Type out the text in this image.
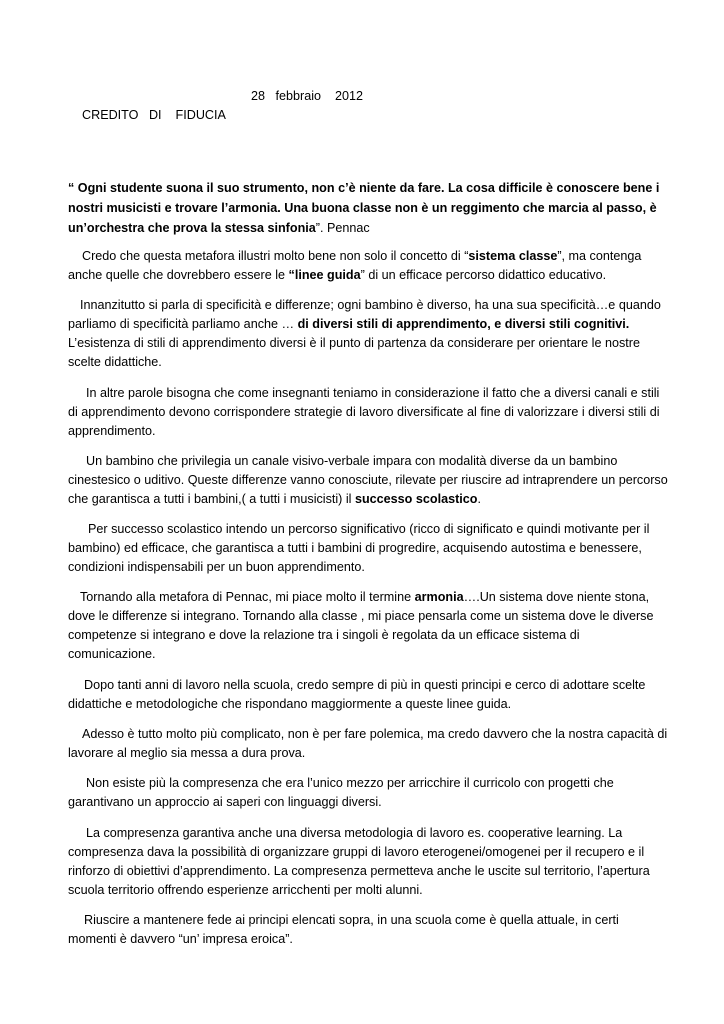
CREDITO   DI    FIDUCIA

28   febbraio    2012

“ Ogni studente suona il suo strumento, non c’è niente da fare. La cosa difficile è conoscere bene i nostri musicisti e trovare l’armonia. Una buona classe non è un reggimento che marcia al passo, è un’orchestra che prova la stessa sinfonia”. Pennac

Credo che questa metafora illustri molto bene non solo il concetto di “sistema classe”, ma contenga anche quelle che dovrebbero essere le “linee guida” di un efficace percorso didattico educativo.

Innanzitutto si parla di specificità e differenze; ogni bambino è diverso, ha una sua specificità…e quando parliamo di specificità parliamo anche … di diversi stili di apprendimento, e diversi stili cognitivi. L’esistenza di stili di apprendimento diversi è il punto di partenza da considerare per orientare le nostre scelte didattiche.

In altre parole bisogna che come insegnanti teniamo in considerazione il fatto che a diversi canali e stili di apprendimento devono corrispondere strategie di lavoro diversificate al fine di valorizzare i diversi stili di apprendimento.

Un bambino che privilegia un canale visivo-verbale impara con modalità diverse da un bambino cinestesico o uditivo. Queste differenze vanno conosciute, rilevate per riuscire ad intraprendere un percorso che garantisca a tutti i bambini,( a tutti i musicisti) il successo scolastico.

Per successo scolastico intendo un percorso significativo (ricco di significato e quindi motivante per il bambino) ed efficace, che garantisca a tutti i bambini di progredire, acquisendo autostima e benessere, condizioni indispensabili per un buon apprendimento.

Tornando alla metafora di Pennac, mi piace molto il termine armonia….Un sistema dove niente stona, dove le differenze si integrano. Tornando alla classe , mi piace pensarla come un sistema dove le diverse competenze si integrano e dove la relazione tra i singoli è regolata da un efficace sistema di comunicazione.

Dopo tanti anni di lavoro nella scuola, credo sempre di più in questi principi e cerco di adottare scelte didattiche e metodologiche che rispondano maggiormente a queste linee guida.

Adesso è tutto molto più complicato, non è per fare polemica, ma credo davvero che la nostra capacità di lavorare al meglio sia messa a dura prova.

Non esiste più la compresenza che era l’unico mezzo per arricchire il curricolo con progetti che garantivano un approccio ai saperi con linguaggi diversi.

La compresenza garantiva anche una diversa metodologia di lavoro es. cooperative learning. La compresenza dava la possibilità di organizzare gruppi di lavoro eterogenei/omogenei per il recupero e il rinforzo di obiettivi d’apprendimento. La compresenza permetteva anche le uscite sul territorio, l’apertura scuola territorio offrendo esperienze arricchenti per molti alunni.

Riuscire a mantenere fede ai principi elencati sopra, in una scuola come è quella attuale, in certi momenti è davvero “un’ impresa eroica”.
